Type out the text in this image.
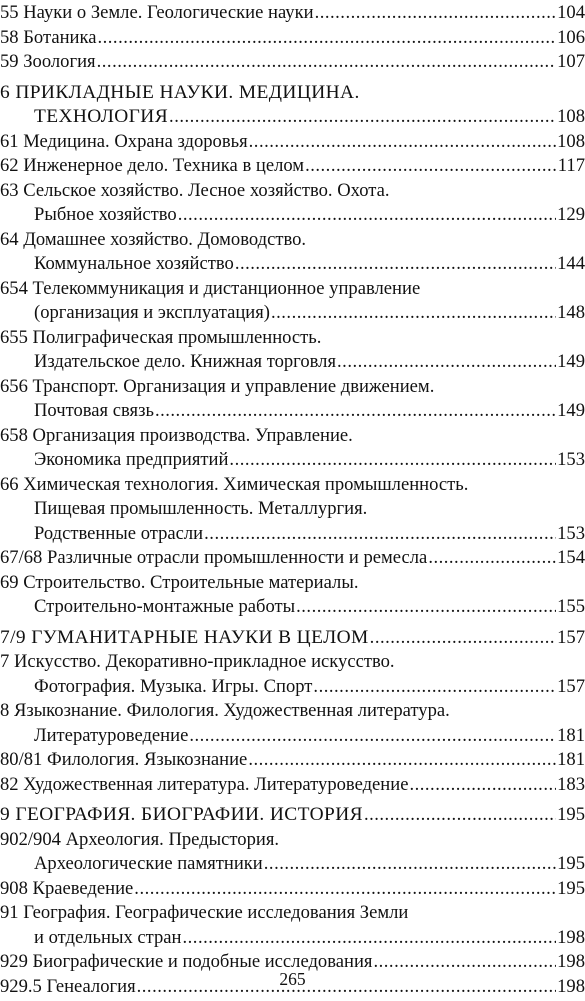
55 Науки о Земле. Геологические науки .....	104
58 Ботаника .....	106
59 Зоология .....	107
6 ПРИКЛАДНЫЕ НАУКИ. МЕДИЦИНА.
ТЕХНОЛОГИЯ .....	108
61 Медицина. Охрана здоровья .....	108
62 Инженерное дело. Техника в целом .....	117
63 Сельское хозяйство. Лесное хозяйство. Охота.
Рыбное хозяйство .....	129
64 Домашнее хозяйство. Домоводство.
Коммунальное хозяйство .....	144
654 Телекоммуникация и дистанционное управление
(организация и эксплуатация) .....	148
655 Полиграфическая промышленность.
Издательское дело. Книжная торговля .....	149
656 Транспорт. Организация и управление движением.
Почтовая связь .....	149
658 Организация производства. Управление.
Экономика предприятий .....	153
66 Химическая технология. Химическая промышленность.
Пищевая промышленность. Металлургия.
Родственные отрасли .....	153
67/68 Различные отрасли промышленности и ремесла .....	154
69 Строительство. Строительные материалы.
Строительно-монтажные работы .....	155
7/9 ГУМАНИТАРНЫЕ НАУКИ В ЦЕЛОМ .....	157
7 Искусство. Декоративно-прикладное искусство.
Фотография. Музыка. Игры. Спорт .....	157
8 Языкознание. Филология. Художественная литература.
Литературоведение .....	181
80/81 Филология. Языкознание .....	181
82 Художественная литература. Литературоведение .....	183
9 ГЕОГРАФИЯ. БИОГРАФИИ. ИСТОРИЯ .....	195
902/904 Археология. Предыстория.
Археологические памятники .....	195
908 Краеведение .....	195
91 География. Географические исследования Земли
и отдельных стран .....	198
929 Биографические и подобные исследования .....	198
929.5 Генеалогия .....	198
265
